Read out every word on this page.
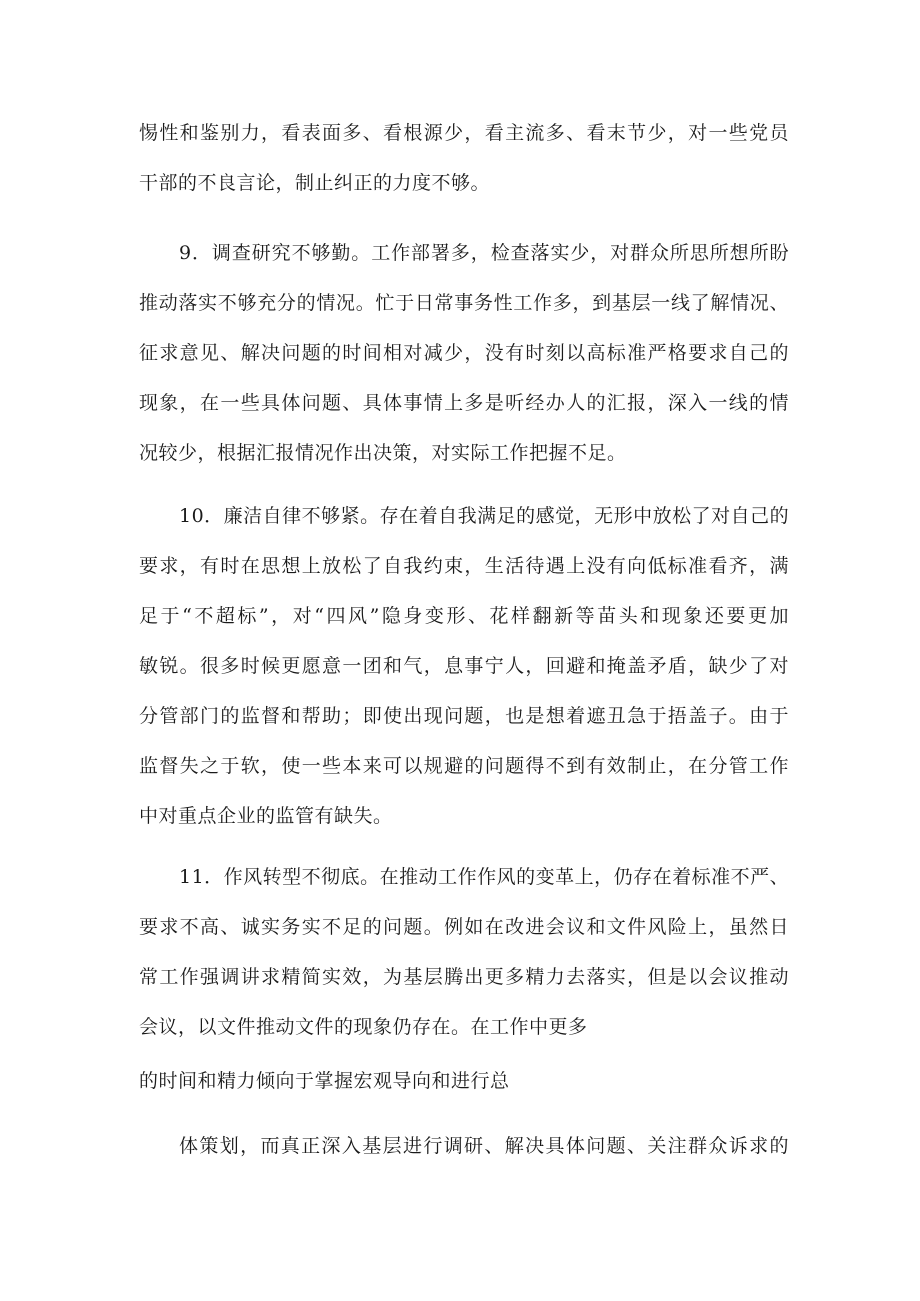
惕性和鉴别力，看表面多、看根源少，看主流多、看末节少，对一些党员
干部的不良言论，制止纠正的力度不够。
9．调查研究不够勤。工作部署多，检查落实少，对群众所思所想所盼
推动落实不够充分的情况。忙于日常事务性工作多，到基层一线了解情况、
征求意见、解决问题的时间相对减少，没有时刻以高标准严格要求自己的
现象，在一些具体问题、具体事情上多是听经办人的汇报，深入一线的情
况较少，根据汇报情况作出决策，对实际工作把握不足。
10．廉洁自律不够紧。存在着自我满足的感觉，无形中放松了对自己的
要求，有时在思想上放松了自我约束，生活待遇上没有向低标准看齐，满
足于“不超标”，对“四风”隐身变形、花样翻新等苗头和现象还要更加
敏锐。很多时候更愿意一团和气，息事宁人，回避和掩盖矛盾，缺少了对
分管部门的监督和帮助；即使出现问题，也是想着遮丑急于捂盖子。由于
监督失之于软，使一些本来可以规避的问题得不到有效制止，在分管工作
中对重点企业的监管有缺失。
11．作风转型不彻底。在推动工作作风的变革上，仍存在着标准不严、
要求不高、诚实务实不足的问题。例如在改进会议和文件风险上，虽然日
常工作强调讲求精简实效，为基层腾出更多精力去落实，但是以会议推动
会议，以文件推动文件的现象仍存在。在工作中更多
的时间和精力倾向于掌握宏观导向和进行总
体策划，而真正深入基层进行调研、解决具体问题、关注群众诉求的
